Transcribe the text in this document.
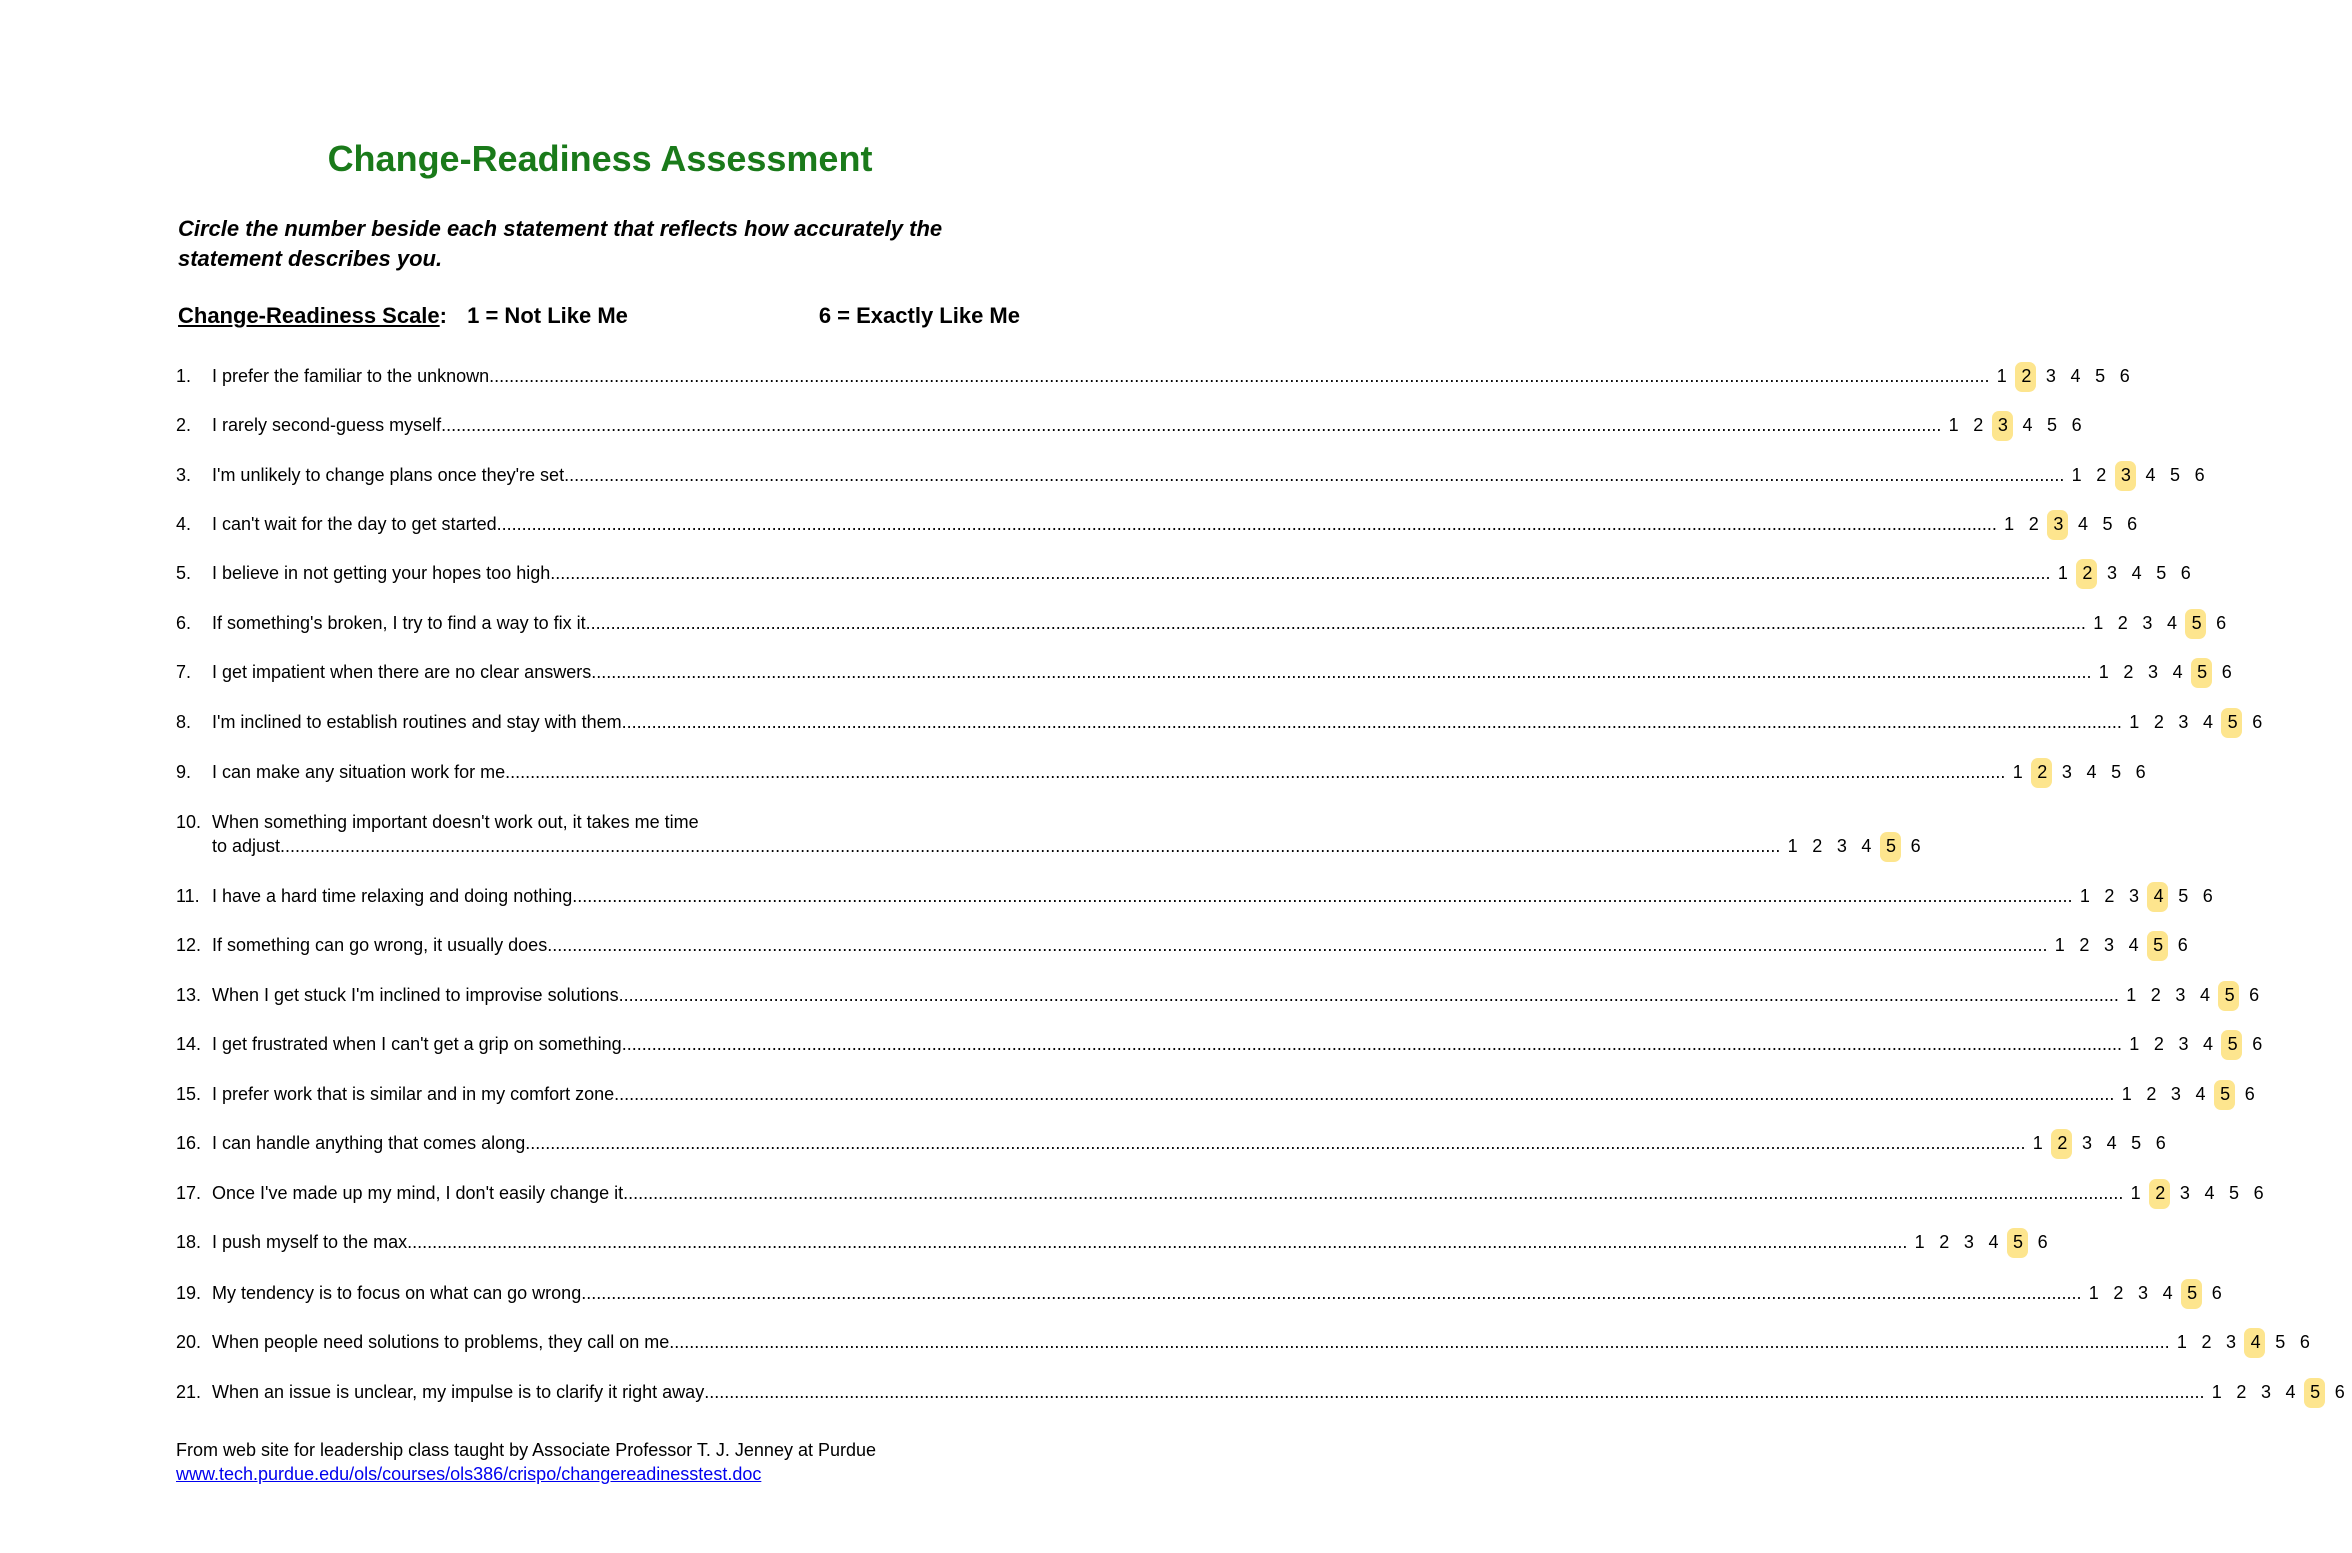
Change-Readiness Assessment
Circle the number beside each statement that reflects how accurately the statement describes you.
Change-Readiness Scale: 1 = Not Like Me	6 = Exactly Like Me
1. I prefer the familiar to the unknown ............................................................................................................................................................................................................................................................................................................ 1 2 3 4 5 6
2. I rarely second-guess myself ............................................................................................................................................................................................................................................................................................................ 1 2 3 4 5 6
3. I'm unlikely to change plans once they're set ............................................................................................................................................................................................................................................................................................................ 1 2 3 4 5 6
4. I can't wait for the day to get started ............................................................................................................................................................................................................................................................................................................ 1 2 3 4 5 6
5. I believe in not getting your hopes too high ............................................................................................................................................................................................................................................................................................................ 1 2 3 4 5 6
6. If something's broken, I try to find a way to fix it ............................................................................................................................................................................................................................................................................................................ 1 2 3 4 5 6
7. I get impatient when there are no clear answers ............................................................................................................................................................................................................................................................................................................ 1 2 3 4 5 6
8. I'm inclined to establish routines and stay with them ............................................................................................................................................................................................................................................................................................................ 1 2 3 4 5 6
9. I can make any situation work for me ............................................................................................................................................................................................................................................................................................................ 1 2 3 4 5 6
10. When something important doesn't work out, it takes me time
to adjust ............................................................................................................................................................................................................................................................................................................ 1 2 3 4 5 6
11. I have a hard time relaxing and doing nothing ............................................................................................................................................................................................................................................................................................................ 1 2 3 4 5 6
12. If something can go wrong, it usually does ............................................................................................................................................................................................................................................................................................................ 1 2 3 4 5 6
13. When I get stuck I'm inclined to improvise solutions ............................................................................................................................................................................................................................................................................................................ 1 2 3 4 5 6
14. I get frustrated when I can't get a grip on something ............................................................................................................................................................................................................................................................................................................ 1 2 3 4 5 6
15. I prefer work that is similar and in my comfort zone ............................................................................................................................................................................................................................................................................................................ 1 2 3 4 5 6
16. I can handle anything that comes along ............................................................................................................................................................................................................................................................................................................ 1 2 3 4 5 6
17. Once I've made up my mind, I don't easily change it ............................................................................................................................................................................................................................................................................................................ 1 2 3 4 5 6
18. I push myself to the max ............................................................................................................................................................................................................................................................................................................ 1 2 3 4 5 6
19. My tendency is to focus on what can go wrong ............................................................................................................................................................................................................................................................................................................ 1 2 3 4 5 6
20. When people need solutions to problems, they call on me ............................................................................................................................................................................................................................................................................................................ 1 2 3 4 5 6
21. When an issue is unclear, my impulse is to clarify it right away ............................................................................................................................................................................................................................................................................................................ 1 2 3 4 5 6
From web site for leadership class taught by Associate Professor T. J. Jenney at Purdue
www.tech.purdue.edu/ols/courses/ols386/crispo/changereadinesstest.doc
